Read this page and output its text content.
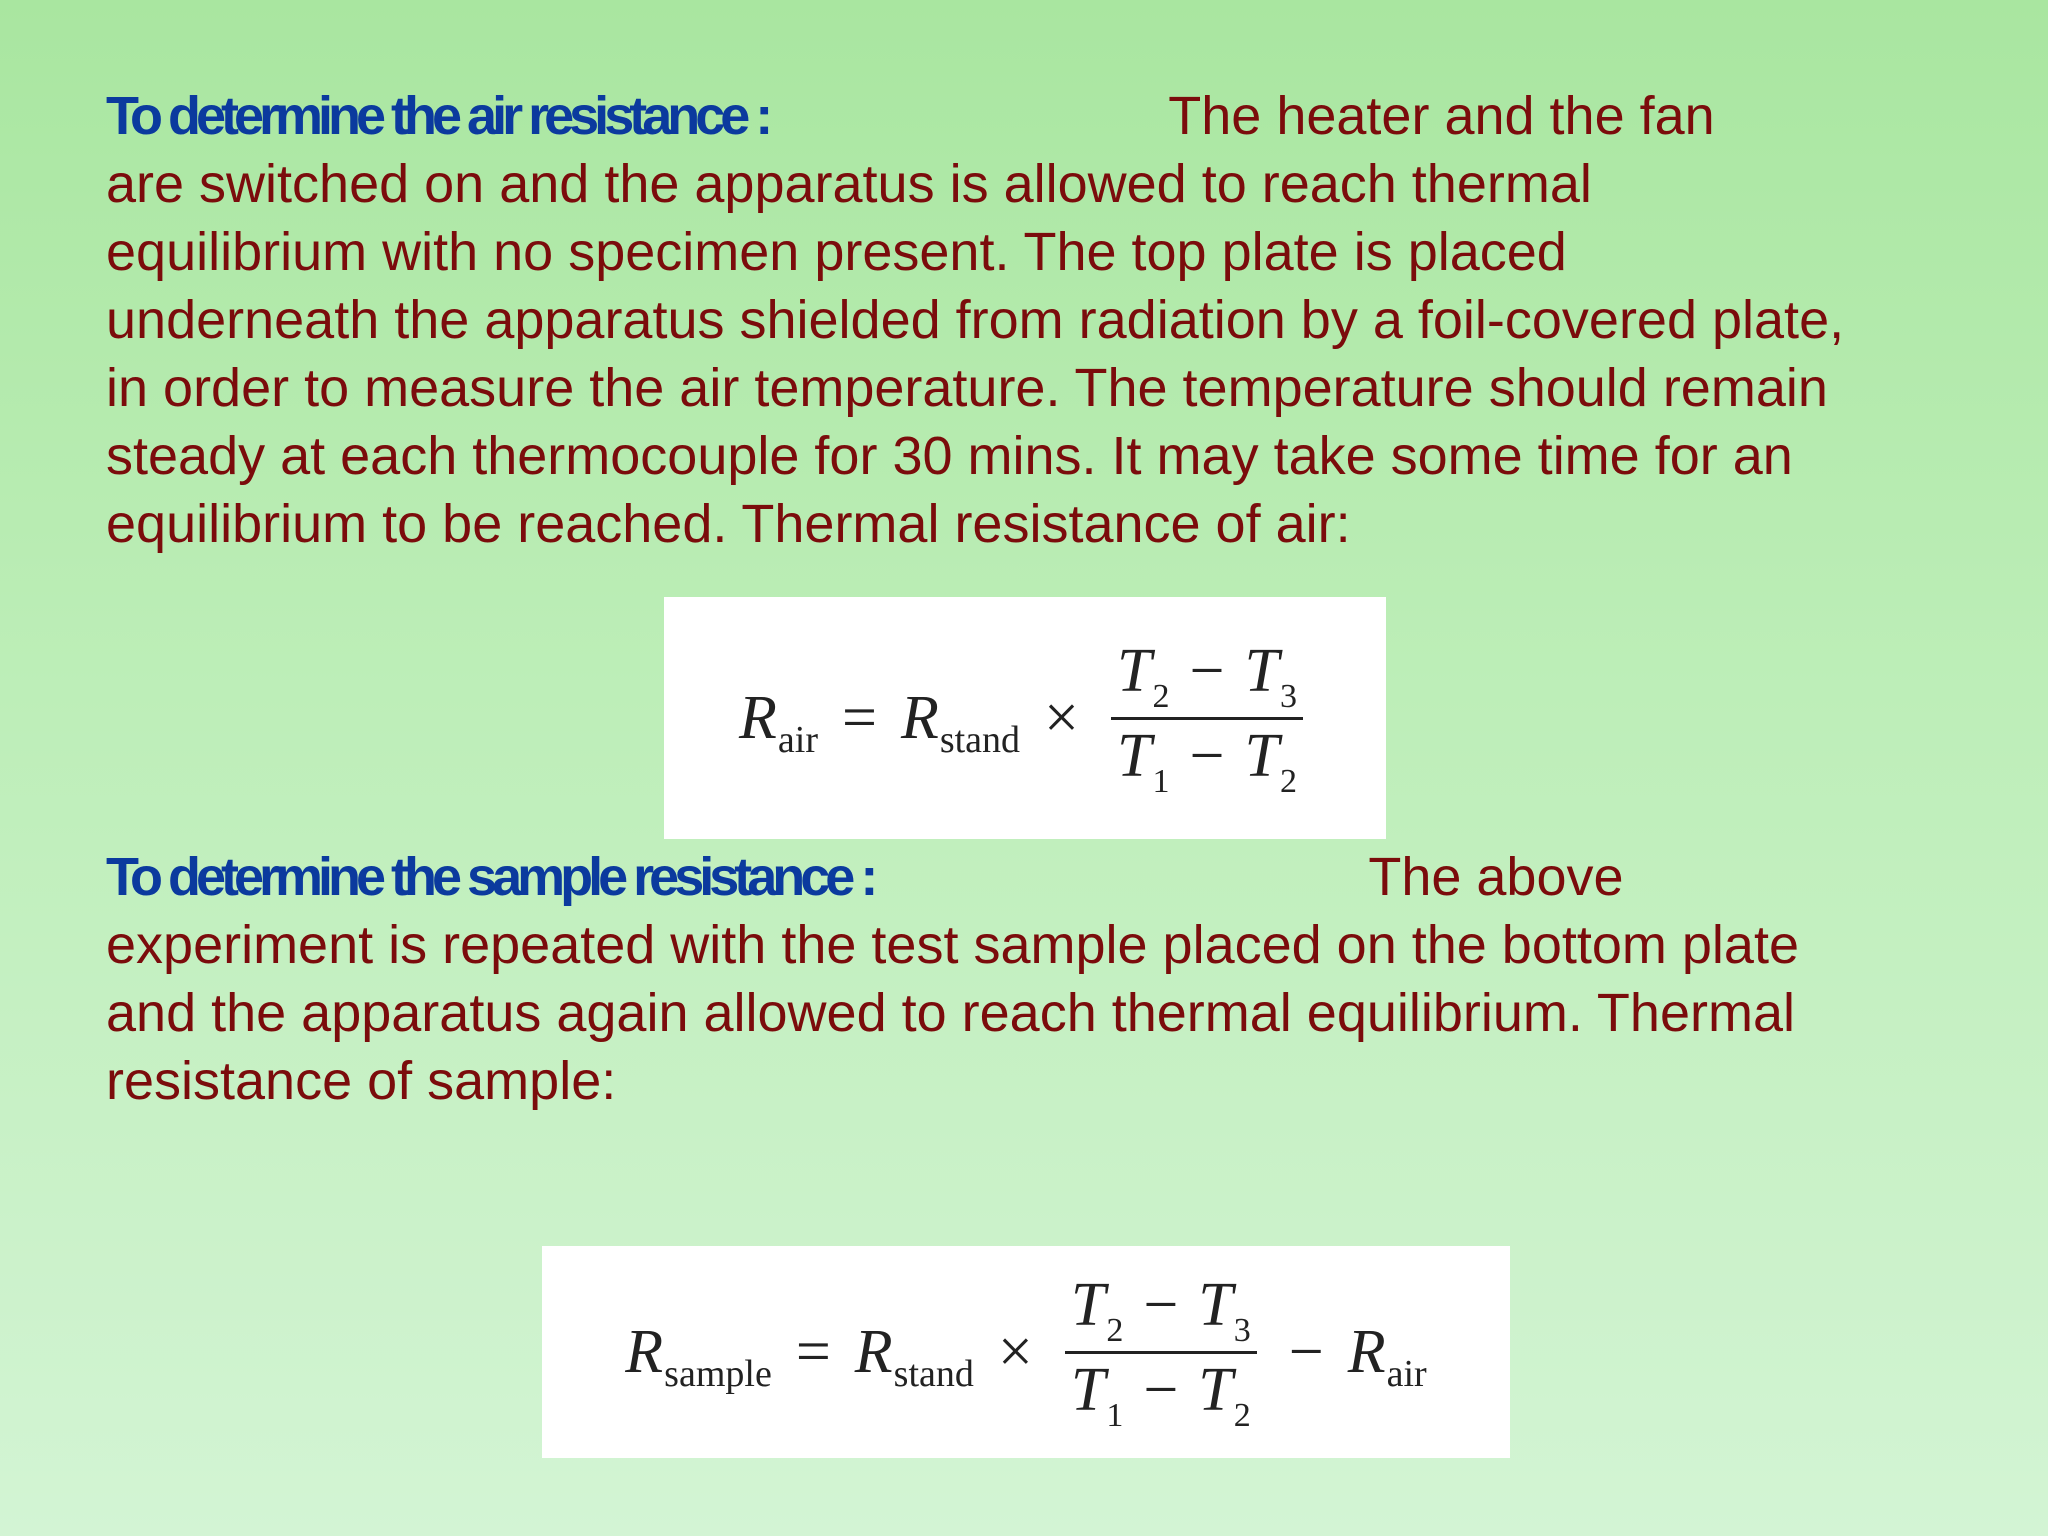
To determine the air resistance :	The heater and the fan
are switched on and the apparatus is allowed to reach thermal
equilibrium with no specimen present. The top plate is placed
underneath the apparatus shielded from radiation by a foil-covered plate,
in order to measure the air temperature. The temperature should remain
steady at each thermocouple for 30 mins. It may take some time for an
equilibrium to be reached. Thermal resistance of air:
$R_{air} = R_{stand} \times \frac{T_2 - T_3}{T_1 - T_2}$
To determine the sample resistance :	The above
experiment is repeated with the test sample placed on the bottom plate
and the apparatus again allowed to reach thermal equilibrium. Thermal
resistance of sample:
$R_{sample} = R_{stand} \times \frac{T_2 - T_3}{T_1 - T_2} - R_{air}$
